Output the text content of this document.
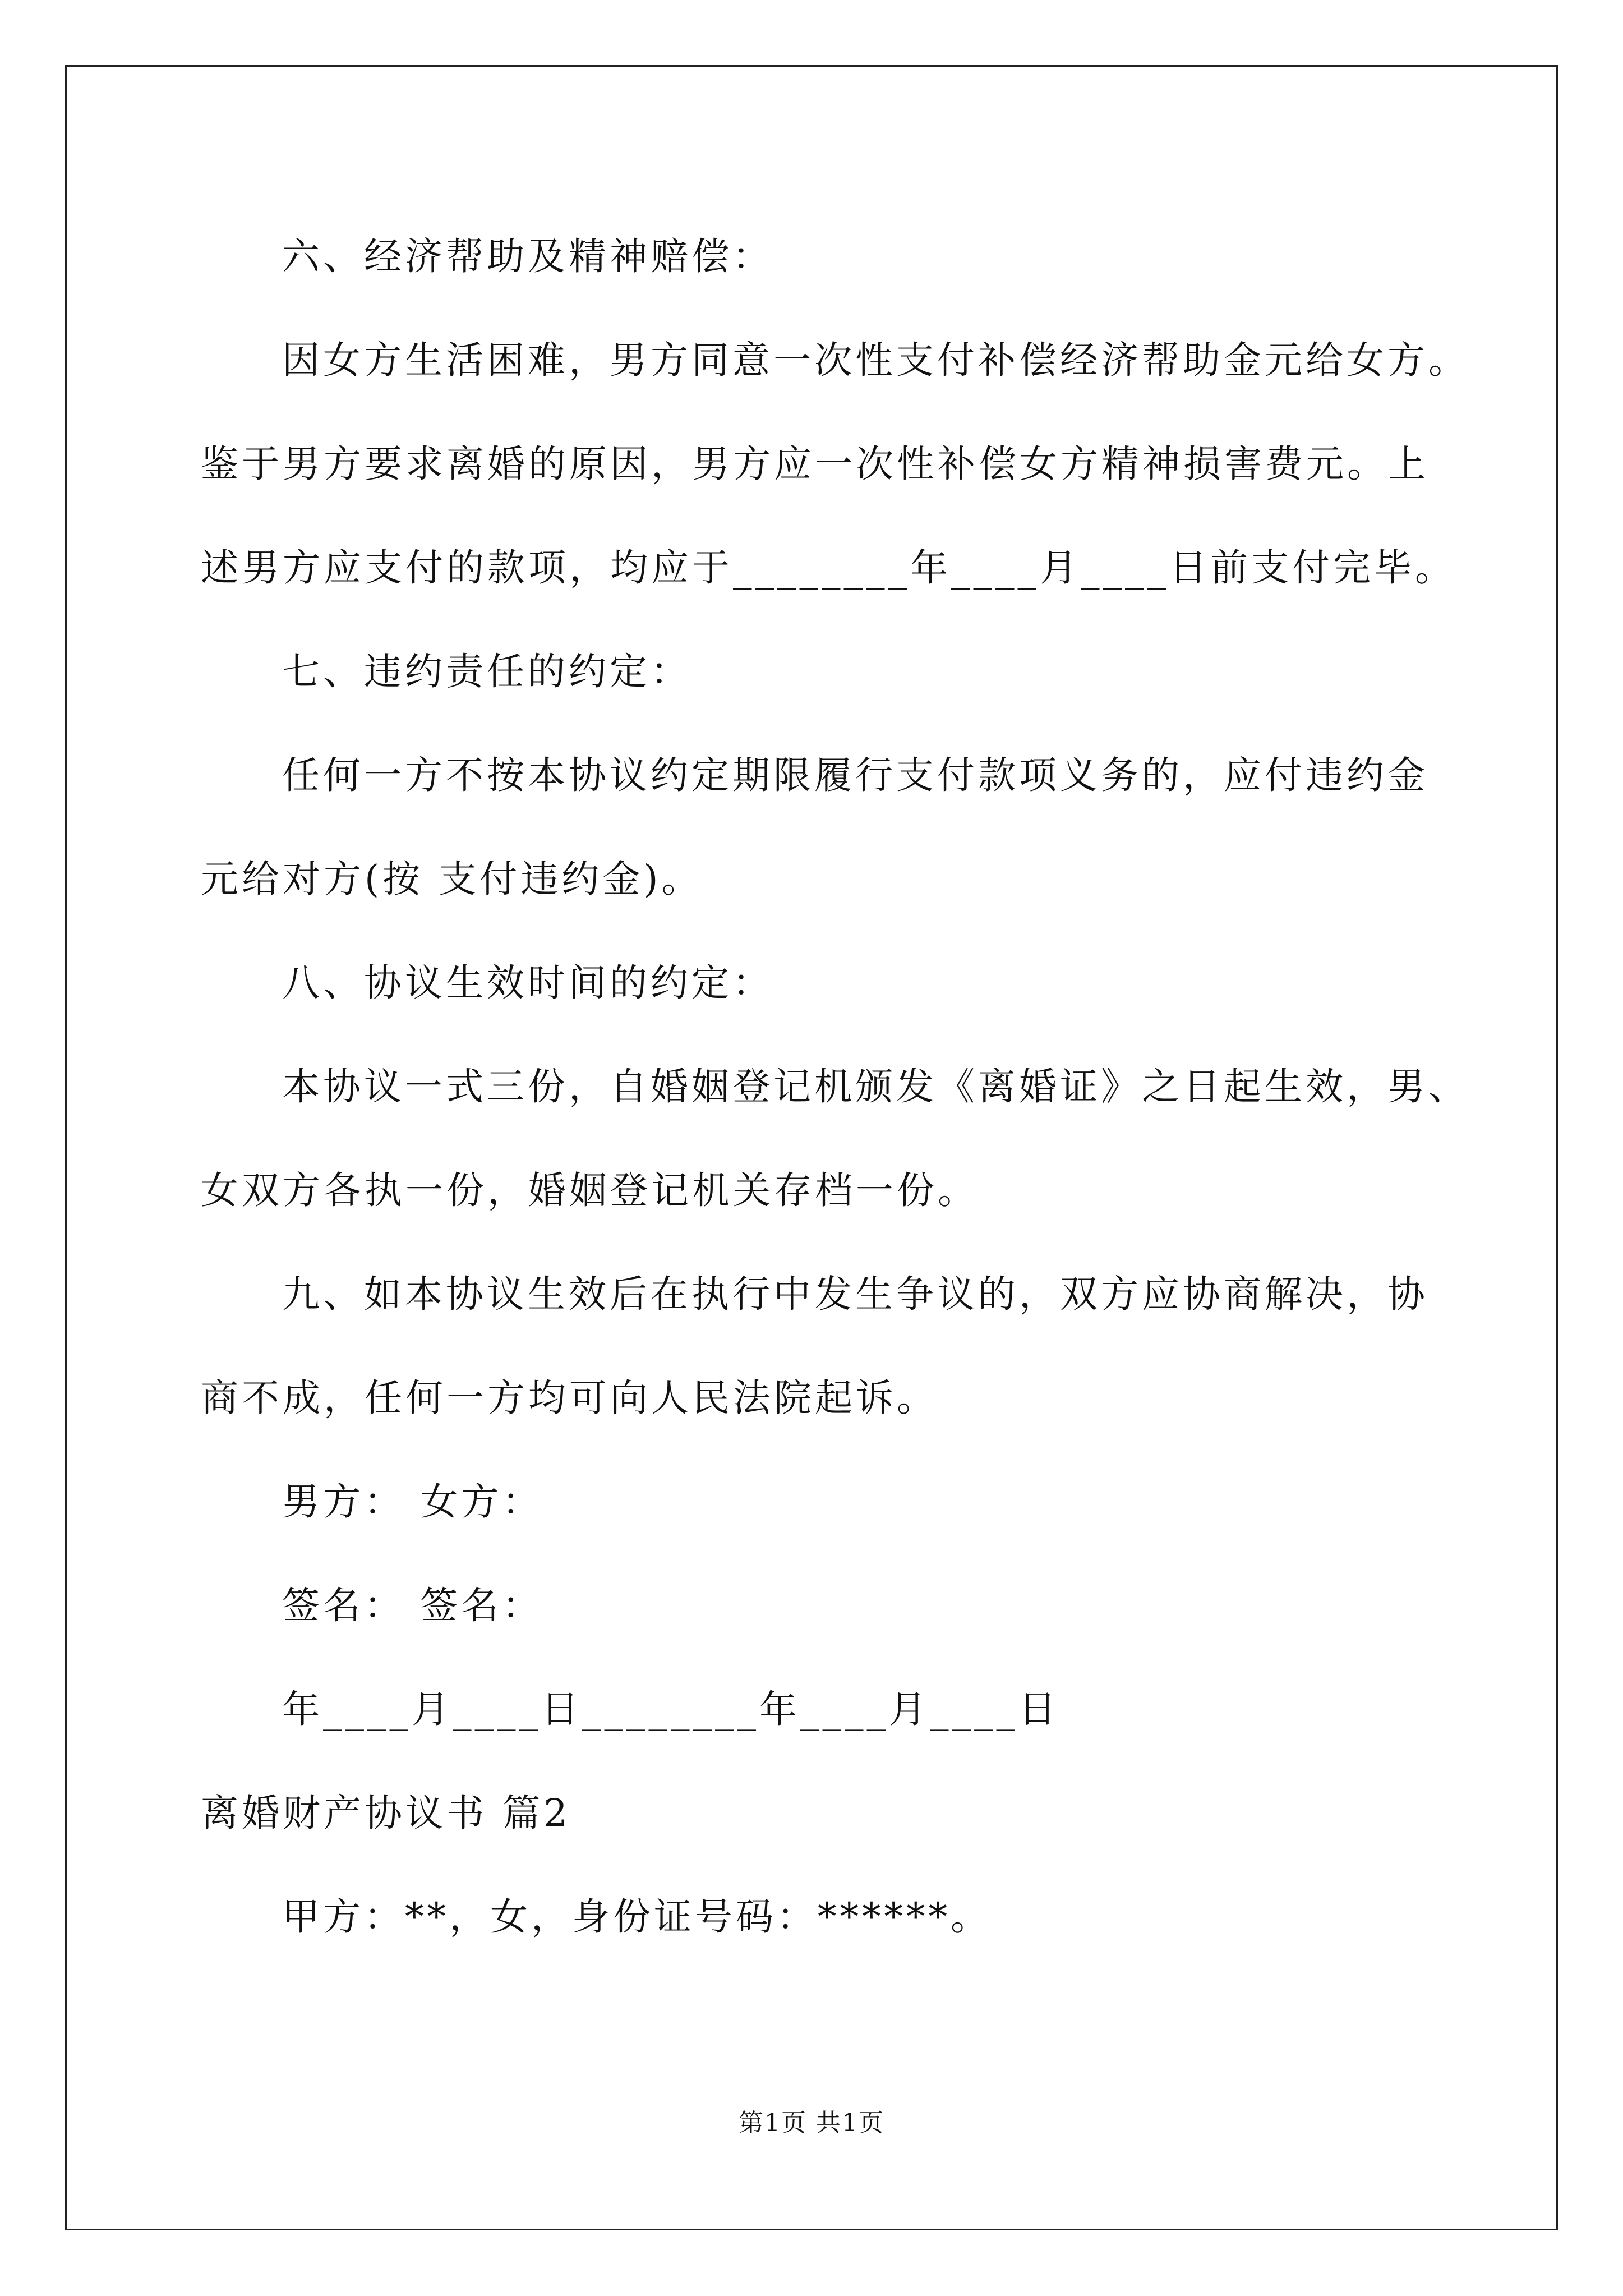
六、经济帮助及精神赔偿：
因女方生活困难，男方同意一次性支付补偿经济帮助金元给女方。
鉴于男方要求离婚的原因，男方应一次性补偿女方精神损害费元。上
述男方应支付的款项，均应于________年____月____日前支付完毕。
七、违约责任的约定：
任何一方不按本协议约定期限履行支付款项义务的，应付违约金
元给对方(按 支付违约金)。
八、协议生效时间的约定：
本协议一式三份，自婚姻登记机颁发《离婚证》之日起生效，男、
女双方各执一份，婚姻登记机关存档一份。
九、如本协议生效后在执行中发生争议的，双方应协商解决，协
商不成，任何一方均可向人民法院起诉。
男方： 女方：
签名： 签名：
年____月____日________年____月____日
离婚财产协议书 篇2
甲方：**，女，身份证号码：******。
第1页 共1页
